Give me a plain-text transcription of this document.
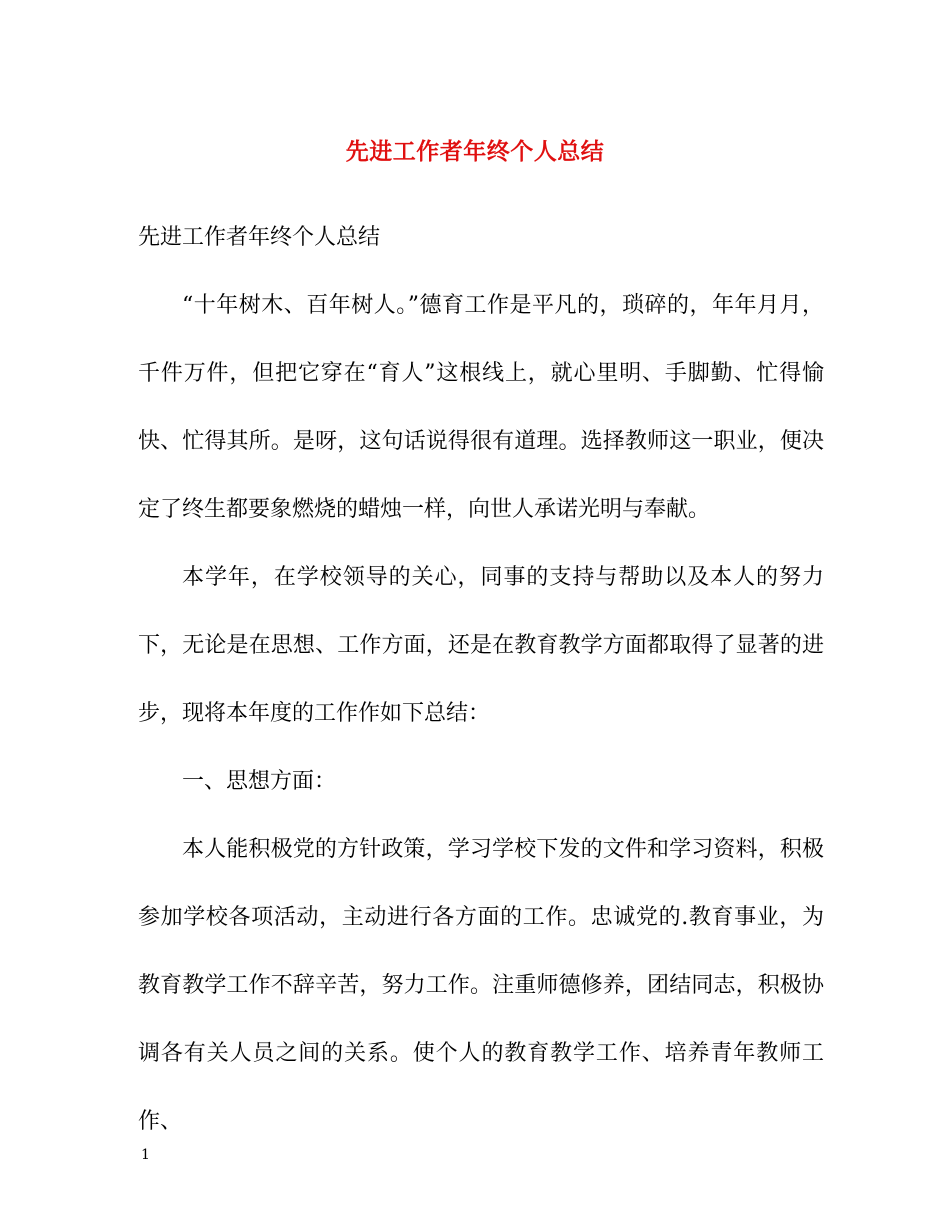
先进工作者年终个人总结

先进工作者年终个人总结

“十年树木、百年树人。”德育工作是平凡的，琐碎的，年年月月，千件万件，但把它穿在“育人”这根线上，就心里明、手脚勤、忙得愉快、忙得其所。是呀，这句话说得很有道理。选择教师这一职业，便决定了终生都要象燃烧的蜡烛一样，向世人承诺光明与奉献。

本学年，在学校领导的关心，同事的支持与帮助以及本人的努力下，无论是在思想、工作方面，还是在教育教学方面都取得了显著的进步，现将本年度的工作作如下总结：

一、思想方面：

本人能积极党的方针政策，学习学校下发的文件和学习资料，积极参加学校各项活动，主动进行各方面的工作。忠诚党的.教育事业，为教育教学工作不辞辛苦，努力工作。注重师德修养，团结同志，积极协调各有关人员之间的关系。使个人的教育教学工作、培养青年教师工作、

1
